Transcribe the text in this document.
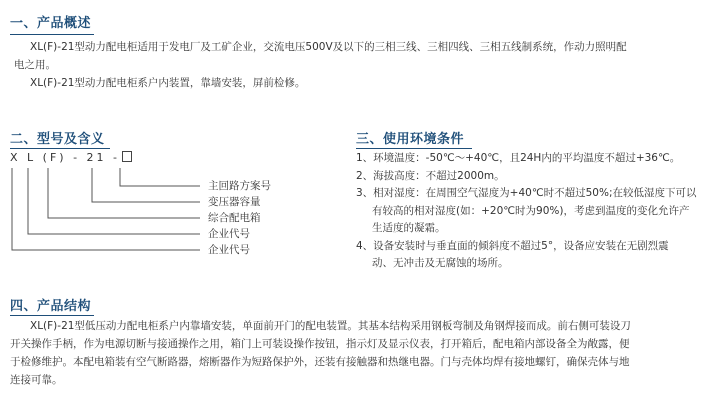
一、产品概述
XL(F)-21型动力配电柜适用于发电厂及工矿企业，交流电压500V及以下的三相三线、三相四线、三相五线制系统，作动力照明配
电之用。
XL(F)-21型动力配电柜系户内装置，靠墙安装，屏前检修。
二、型号及含义
X L (F) - 21 -
主回路方案号
变压器容量
综合配电箱
企业代号
企业代号
三、使用环境条件
1、环境温度：-50℃～+40℃，且24H内的平均温度不超过+36℃。
2、海拔高度：不超过2000m。
3、相对湿度：在周围空气湿度为+40℃时不超过50%;在较低湿度下可以
有较高的相对湿度(如：+20℃时为90%)，考虑到温度的变化允许产
生适度的凝霜。
4、设备安装时与垂直面的倾斜度不超过5°，设备应安装在无剧烈震
动、无冲击及无腐蚀的场所。
四、产品结构
XL(F)-21型低压动力配电柜系户内靠墙安装，单面前开门的配电装置。其基本结构采用钢板弯制及角钢焊接而成。前右侧可装设刀
开关操作手柄，作为电源切断与接通操作之用，箱门上可装设操作按钮，指示灯及显示仪表，打开箱后，配电箱内部设备全为敞露，便
于检修维护。本配电箱装有空气断路器，熔断器作为短路保护外，还装有接触器和热继电器。门与壳体均焊有接地螺钉，确保壳体与地
连接可靠。
